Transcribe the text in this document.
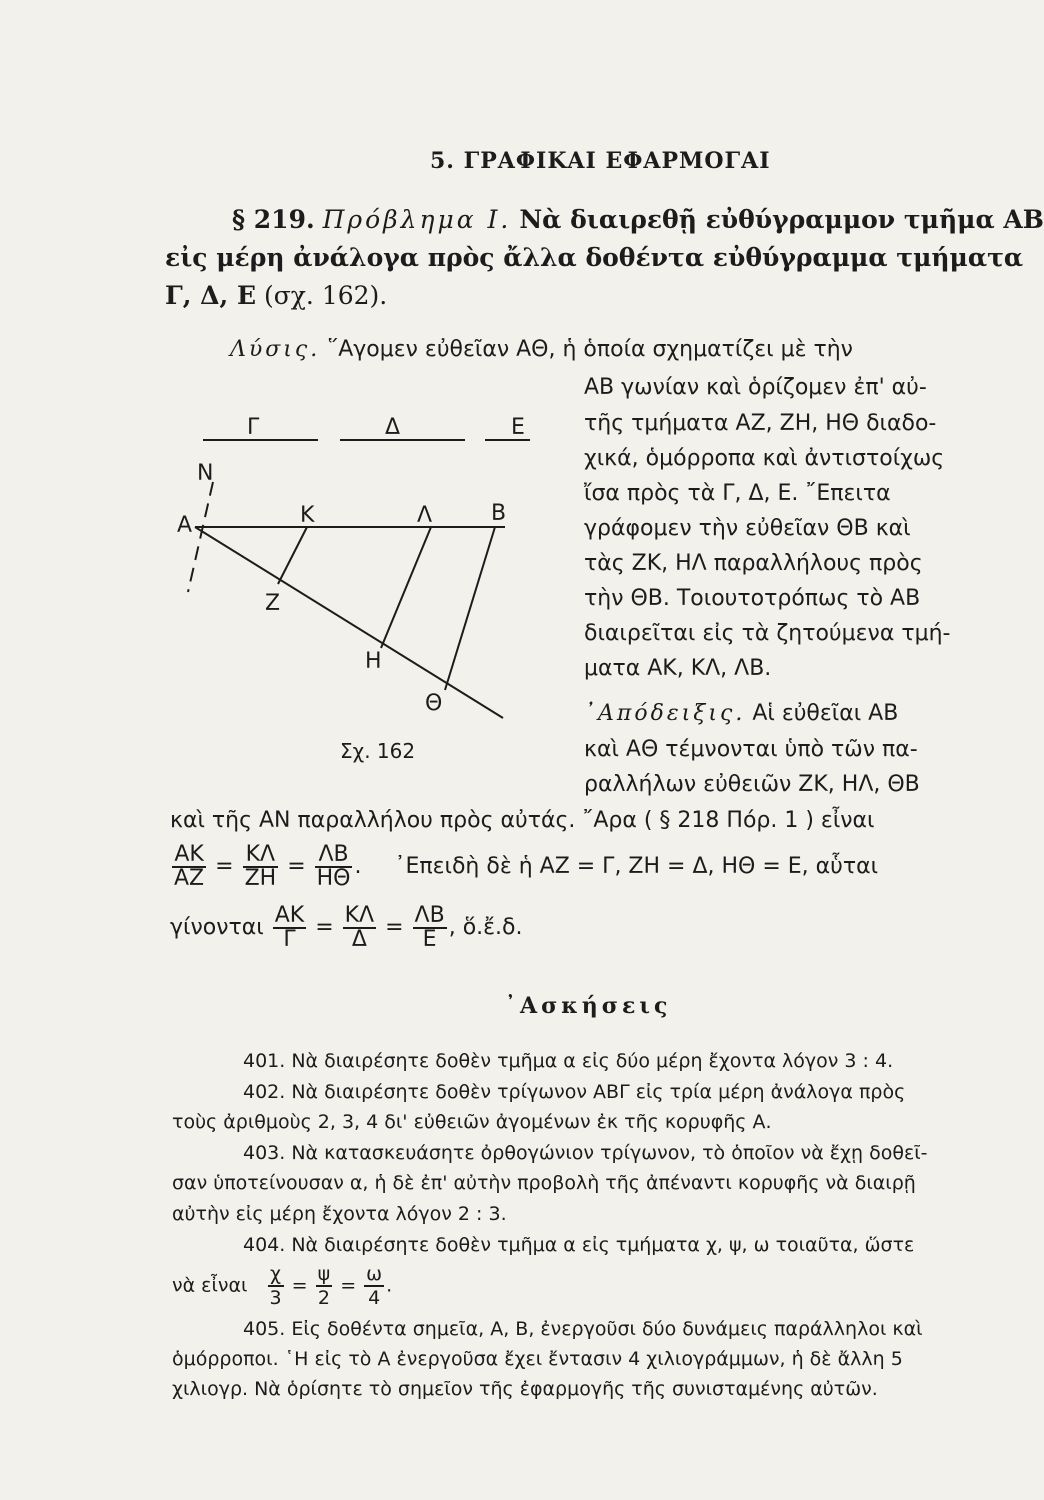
5. ΓΡΑΦΙΚΑΙ ΕΦΑΡΜΟΓΑΙ
§ 219. Πρόβλημα Ι. Νὰ διαιρεθῇ εὐθύγραμμον τμῆμα ΑΒ
εἰς μέρη ἀνάλογα πρὸς ἄλλα δοθέντα εὐθύγραμμα τμήματα
Γ, Δ, Ε (σχ. 162).
Λύσις. ῞Αγομεν εὐθεῖαν ΑΘ, ἡ ὁποία σχηματίζει μὲ τὴν
ΑΒ γωνίαν καὶ ὁρίζομεν ἐπ' αὐ-
τῆς τμήματα ΑΖ, ΖΗ, ΗΘ διαδο-
χικά, ὁμόρροπα καὶ ἀντιστοίχως
ἴσα πρὸς τὰ Γ, Δ, Ε. ῎Επειτα
γράφομεν τὴν εὐθεῖαν ΘΒ καὶ
τὰς ΖΚ, ΗΛ παραλλήλους πρὸς
τὴν ΘΒ. Τοιουτοτρόπως τὸ ΑΒ
διαιρεῖται εἰς τὰ ζητούμενα τμή-
ματα ΑΚ, ΚΛ, ΛΒ.
᾿Απόδειξις. Αἱ εὐθεῖαι ΑΒ
καὶ ΑΘ τέμνονται ὑπὸ τῶν πα-
ραλλήλων εὐθειῶν ΖΚ, ΗΛ, ΘΒ
καὶ τῆς ΑΝ παραλλήλου πρὸς αὐτάς. ῎Αρα ( § 218 Πόρ. 1 ) εἶναι
$\frac{AK}{AZ} = \frac{K\Lambda}{ZH} = \frac{\Lambda B}{H\Theta}$ . ᾿Επειδὴ δὲ ἡ ΑΖ = Γ, ΖΗ = Δ, ΗΘ = Ε, αὗται
γίνονται $\frac{AK}{\Gamma} = \frac{K\Lambda}{\Delta} = \frac{\Lambda B}{E}$ , ὅ.ἔ.δ.
Γ	Δ	Ε
Ν
Α	Κ	Λ	Β
Ζ
Η
Θ
Σχ. 162
᾿Ασκήσεις
401. Νὰ διαιρέσητε δοθὲν τμῆμα α εἰς δύο μέρη ἔχοντα λόγον 3 : 4.
402. Νὰ διαιρέσητε δοθὲν τρίγωνον ΑΒΓ εἰς τρία μέρη ἀνάλογα πρὸς
τοὺς ἀριθμοὺς 2, 3, 4 δι' εὐθειῶν ἀγομένων ἐκ τῆς κορυφῆς Α.
403. Νὰ κατασκευάσητε ὀρθογώνιον τρίγωνον, τὸ ὁποῖον νὰ ἔχῃ δοθεῖ-
σαν ὑποτείνουσαν α, ἡ δὲ ἐπ' αὐτὴν προβολὴ τῆς ἀπέναντι κορυφῆς νὰ διαιρῇ
αὐτὴν εἰς μέρη ἔχοντα λόγον 2 : 3.
404. Νὰ διαιρέσητε δοθὲν τμῆμα α εἰς τμήματα χ, ψ, ω τοιαῦτα, ὥστε
νὰ εἶναι $\frac{\chi}{3} = \frac{\psi}{2} = \frac{\omega}{4}$ .
405. Εἰς δοθέντα σημεῖα, Α, Β, ἐνεργοῦσι δύο δυνάμεις παράλληλοι καὶ
ὁμόρροποι. ῾Η εἰς τὸ Α ἐνεργοῦσα ἔχει ἔντασιν 4 χιλιογράμμων, ἡ δὲ ἄλλη 5
χιλιογρ. Νὰ ὁρίσητε τὸ σημεῖον τῆς ἐφαρμογῆς τῆς συνισταμένης αὐτῶν.
